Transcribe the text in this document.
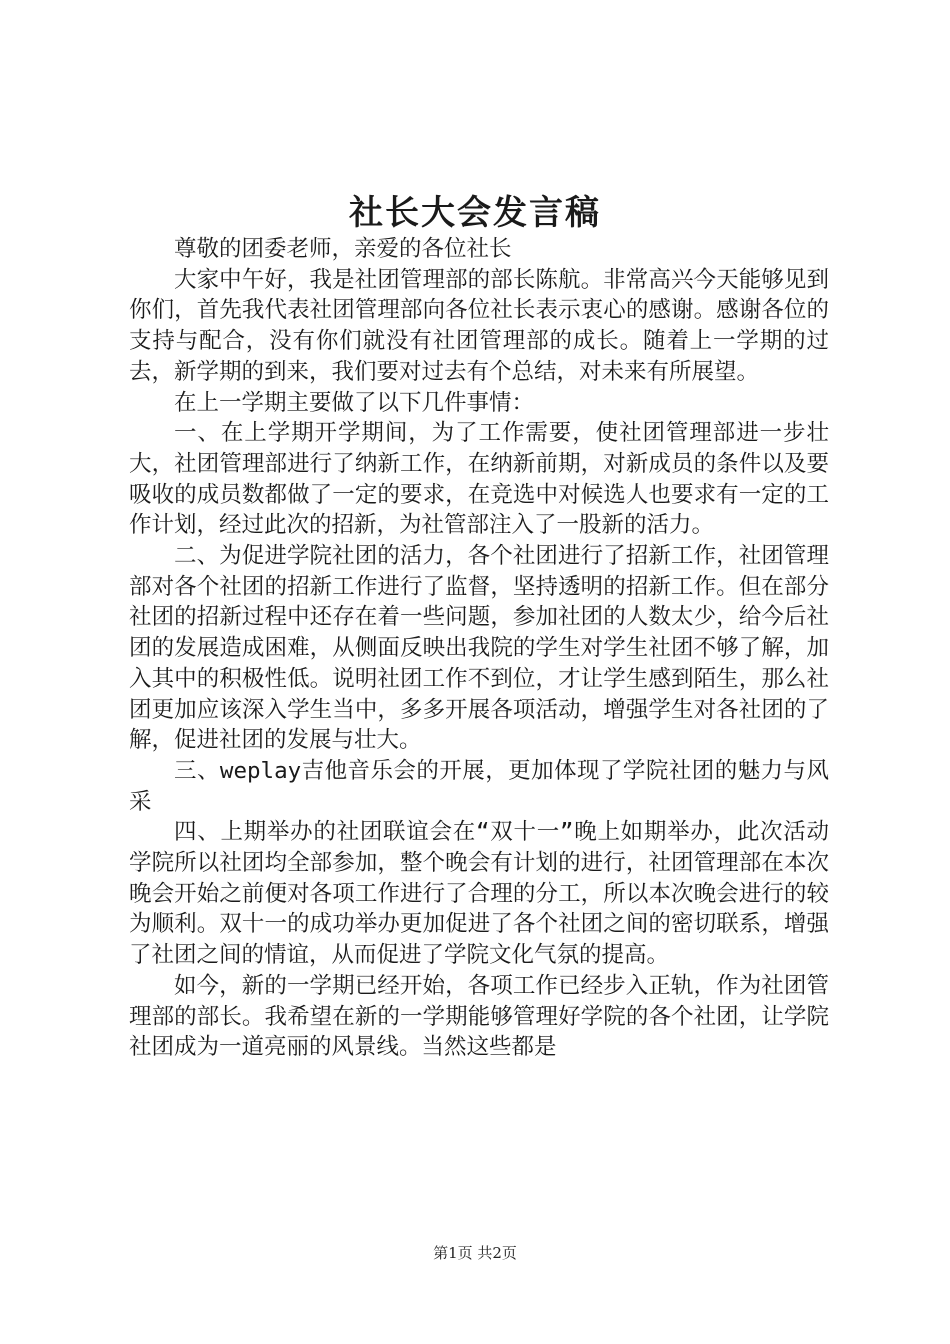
社长大会发言稿

尊敬的团委老师，亲爱的各位社长

大家中午好，我是社团管理部的部长陈航。非常高兴今天能够见到你们，首先我代表社团管理部向各位社长表示衷心的感谢。感谢各位的支持与配合，没有你们就没有社团管理部的成长。随着上一学期的过去，新学期的到来，我们要对过去有个总结，对未来有所展望。

在上一学期主要做了以下几件事情：

一、在上学期开学期间，为了工作需要，使社团管理部进一步壮大，社团管理部进行了纳新工作，在纳新前期，对新成员的条件以及要吸收的成员数都做了一定的要求，在竞选中对候选人也要求有一定的工作计划，经过此次的招新，为社管部注入了一股新的活力。

二、为促进学院社团的活力，各个社团进行了招新工作，社团管理部对各个社团的招新工作进行了监督，坚持透明的招新工作。但在部分社团的招新过程中还存在着一些问题，参加社团的人数太少，给今后社团的发展造成困难，从侧面反映出我院的学生对学生社团不够了解，加入其中的积极性低。说明社团工作不到位，才让学生感到陌生，那么社团更加应该深入学生当中，多多开展各项活动，增强学生对各社团的了解，促进社团的发展与壮大。

三、weplay吉他音乐会的开展，更加体现了学院社团的魅力与风采

四、上期举办的社团联谊会在“双十一”晚上如期举办，此次活动学院所以社团均全部参加，整个晚会有计划的进行，社团管理部在本次晚会开始之前便对各项工作进行了合理的分工，所以本次晚会进行的较为顺利。双十一的成功举办更加促进了各个社团之间的密切联系，增强了社团之间的情谊，从而促进了学院文化气氛的提高。

如今，新的一学期已经开始，各项工作已经步入正轨，作为社团管理部的部长。我希望在新的一学期能够管理好学院的各个社团，让学院社团成为一道亮丽的风景线。当然这些都是

第1页 共2页
